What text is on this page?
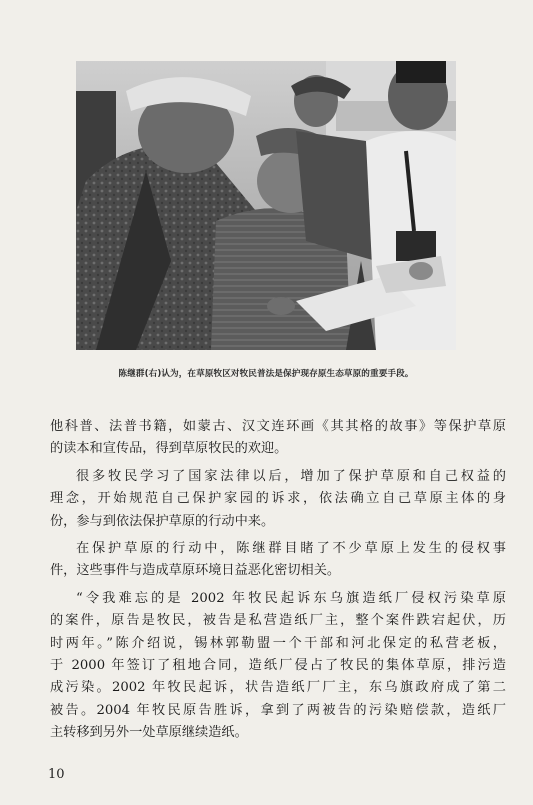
陈继群(右)认为，在草原牧区对牧民普法是保护现存原生态草原的重要手段。

他科普、法普书籍，如蒙古、汉文连环画《其其格的故事》等保护草原
的读本和宣传品，得到草原牧民的欢迎。

很多牧民学习了国家法律以后，增加了保护草原和自己权益的
理念，开始规范自己保护家园的诉求，依法确立自己草原主体的身
份，参与到依法保护草原的行动中来。

在保护草原的行动中，陈继群目睹了不少草原上发生的侵权事
件，这些事件与造成草原环境日益恶化密切相关。

“令我难忘的是 2002 年牧民起诉东乌旗造纸厂侵权污染草原
的案件，原告是牧民，被告是私营造纸厂主，整个案件跌宕起伏，历
时两年。”陈介绍说，锡林郭勒盟一个干部和河北保定的私营老板，
于 2000 年签订了租地合同，造纸厂侵占了牧民的集体草原，排污造
成污染。2002 年牧民起诉，状告造纸厂厂主，东乌旗政府成了第二
被告。2004 年牧民原告胜诉，拿到了两被告的污染赔偿款，造纸厂
主转移到另外一处草原继续造纸。

10
